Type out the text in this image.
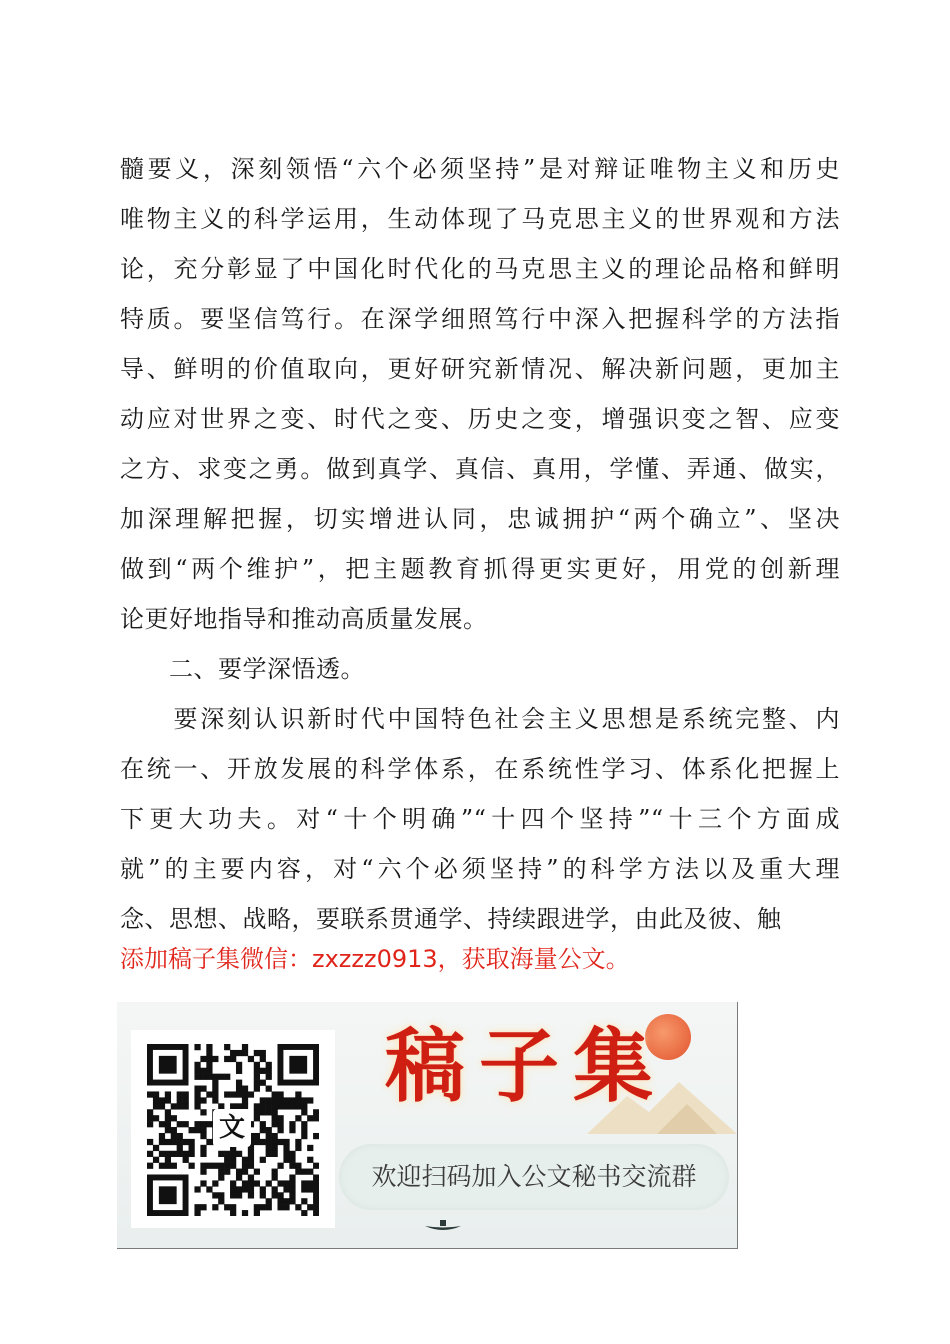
髓要义，深刻领悟“六个必须坚持”是对辩证唯物主义和历史
唯物主义的科学运用，生动体现了马克思主义的世界观和方法
论，充分彰显了中国化时代化的马克思主义的理论品格和鲜明
特质。要坚信笃行。在深学细照笃行中深入把握科学的方法指
导、鲜明的价值取向，更好研究新情况、解决新问题，更加主
动应对世界之变、时代之变、历史之变，增强识变之智、应变
之方、求变之勇。做到真学、真信、真用，学懂、弄通、做实，
加深理解把握，切实增进认同，忠诚拥护“两个确立”、坚决
做到“两个维护”，把主题教育抓得更实更好，用党的创新理
论更好地指导和推动高质量发展。
　　二、要学深悟透。
　　要深刻认识新时代中国特色社会主义思想是系统完整、内
在统一、开放发展的科学体系，在系统性学习、体系化把握上
下更大功夫。对“十个明确”“十四个坚持”“十三个方面成
就”的主要内容，对“六个必须坚持”的科学方法以及重大理
念、思想、战略，要联系贯通学、持续跟进学，由此及彼、触
添加稿子集微信：zxzzz0913，获取海量公文。
文
稿子集
欢迎扫码加入公文秘书交流群
